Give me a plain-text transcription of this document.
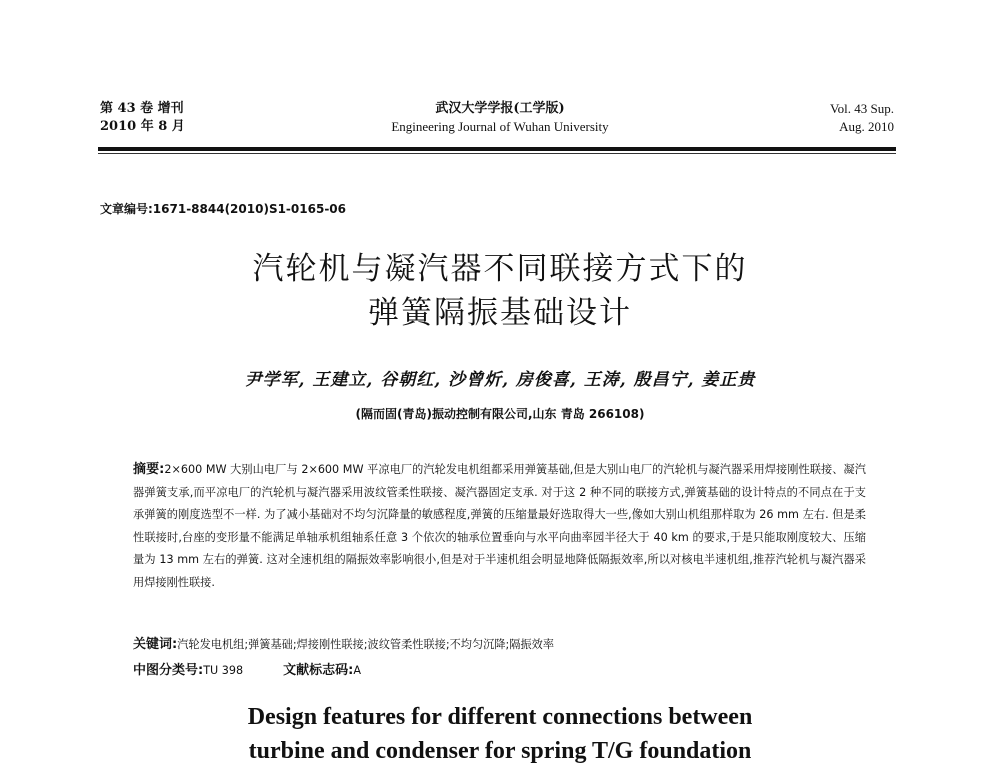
第 43 卷 增刊
2010 年 8 月
武汉大学学报(工学版)
Engineering Journal of Wuhan University
Vol. 43 Sup.
Aug. 2010
文章编号:1671-8844(2010)S1-0165-06
汽轮机与凝汽器不同联接方式下的
弹簧隔振基础设计
尹学军, 王建立, 谷朝红, 沙曾炘, 房俊喜, 王涛, 殷昌宁, 姜正贵
(隔而固(青岛)振动控制有限公司,山东 青岛 266108)

摘要:2×600 MW 大别山电厂与 2×600 MW 平凉电厂的汽轮发电机组都采用弹簧基础,但是大别山电厂的汽轮机与凝汽器采用焊接刚性联接、凝汽器弹簧支承,而平凉电厂的汽轮机与凝汽器采用波纹管柔性联接、凝汽器固定支承. 对于这 2 种不同的联接方式,弹簧基础的设计特点的不同点在于支承弹簧的刚度选型不一样. 为了减小基础对不均匀沉降量的敏感程度,弹簧的压缩量最好选取得大一些,像如大别山机组那样取为 26 mm 左右. 但是柔性联接时,台座的变形量不能满足单轴承机组轴系任意 3 个依次的轴承位置垂向与水平向曲率园半径大于 40 km 的要求,于是只能取刚度较大、压缩量为 13 mm 左右的弹簧. 这对全速机组的隔振效率影响很小,但是对于半速机组会明显地降低隔振效率,所以对核电半速机组,推荐汽轮机与凝汽器采用焊接刚性联接.

关键词:汽轮发电机组;弹簧基础;焊接刚性联接;波纹管柔性联接;不均匀沉降;隔振效率
中图分类号:TU 398	文献标志码:A
Design features for different connections between
turbine and condenser for spring T/G foundation
